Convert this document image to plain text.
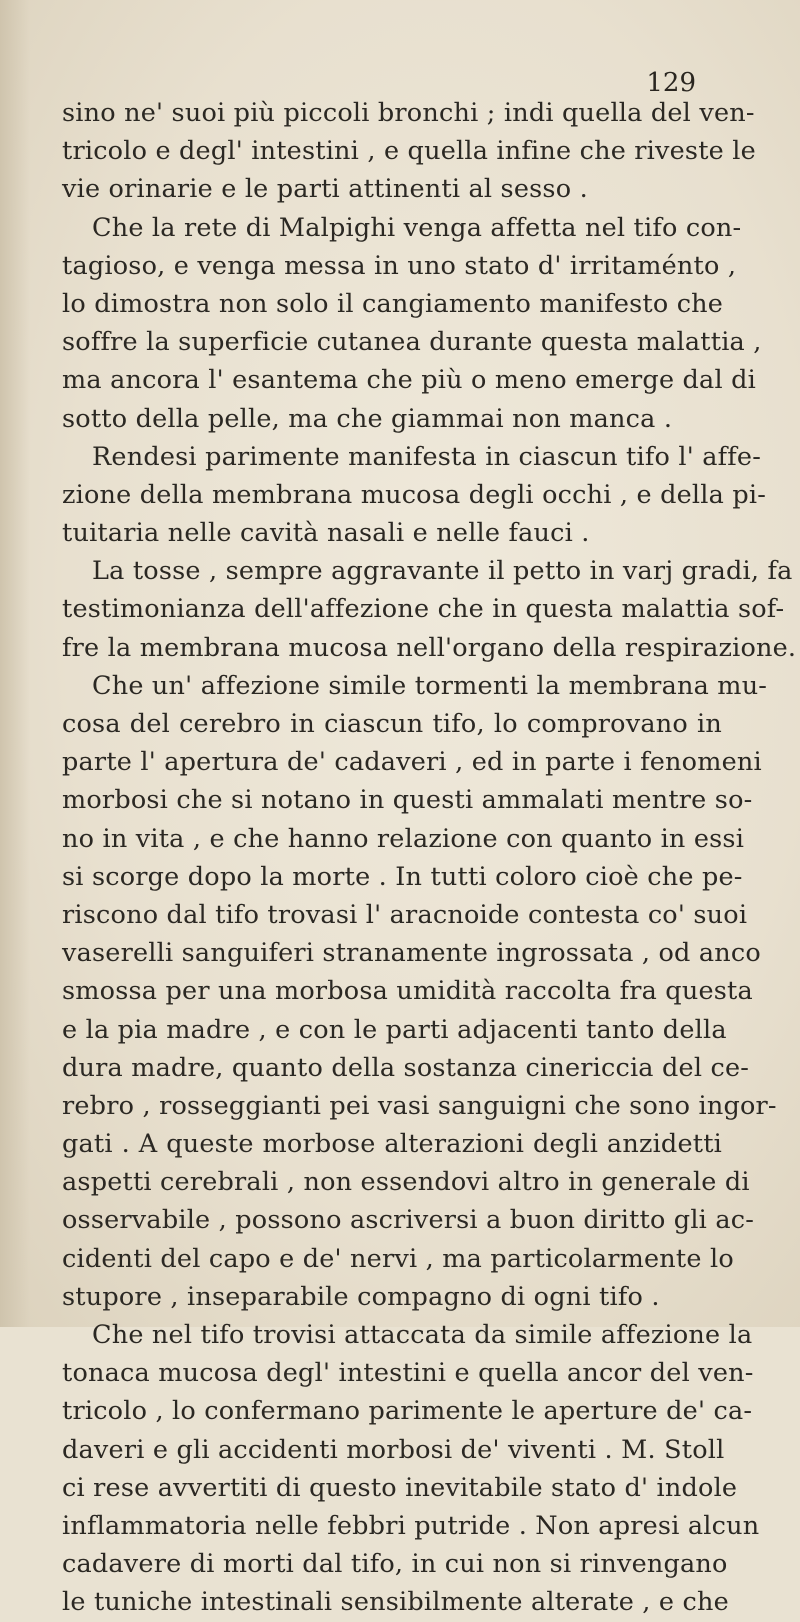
129
sino ne' suoi più piccoli bronchi ; indi quella del ven-
tricolo e degl' intestini , e quella infine che riveste le
vie orinarie e le parti attinenti al sesso .
Che la rete di Malpighi venga affetta nel tifo con-
tagioso, e venga messa in uno stato d' irritaménto ,
lo dimostra non solo il cangiamento manifesto che
soffre la superficie cutanea durante questa malattia ,
ma ancora l' esantema che più o meno emerge dal di
sotto della pelle, ma che giammai non manca .
Rendesi parimente manifesta in ciascun tifo l' affe-
zione della membrana mucosa degli occhi , e della pi-
tuitaria nelle cavità nasali e nelle fauci .
La tosse , sempre aggravante il petto in varj gradi, fa
testimonianza dell'affezione che in questa malattia sof-
fre la membrana mucosa nell'organo della respirazione.
Che un' affezione simile tormenti la membrana mu-
cosa del cerebro in ciascun tifo, lo comprovano in
parte l' apertura de' cadaveri , ed in parte i fenomeni
morbosi che si notano in questi ammalati mentre so-
no in vita , e che hanno relazione con quanto in essi
si scorge dopo la morte . In tutti coloro cioè che pe-
riscono dal tifo trovasi l' aracnoide contesta co' suoi
vaserelli sanguiferi stranamente ingrossata , od anco
smossa per una morbosa umidità raccolta fra questa
e la pia madre , e con le parti adjacenti tanto della
dura madre, quanto della sostanza cinericcia del ce-
rebro , rosseggianti pei vasi sanguigni che sono ingor-
gati . A queste morbose alterazioni degli anzidetti
aspetti cerebrali , non essendovi altro in generale di
osservabile , possono ascriversi a buon diritto gli ac-
cidenti del capo e de' nervi , ma particolarmente lo
stupore , inseparabile compagno di ogni tifo .
Che nel tifo trovisi attaccata da simile affezione la
tonaca mucosa degl' intestini e quella ancor del ven-
tricolo , lo confermano parimente le aperture de' ca-
daveri e gli accidenti morbosi de' viventi . M. Stoll
ci rese avvertiti di questo inevitabile stato d' indole
inflammatoria nelle febbri putride . Non apresi alcun
cadavere di morti dal tifo, in cui non si rinvengano
le tuniche intestinali sensibilmente alterate , e che
